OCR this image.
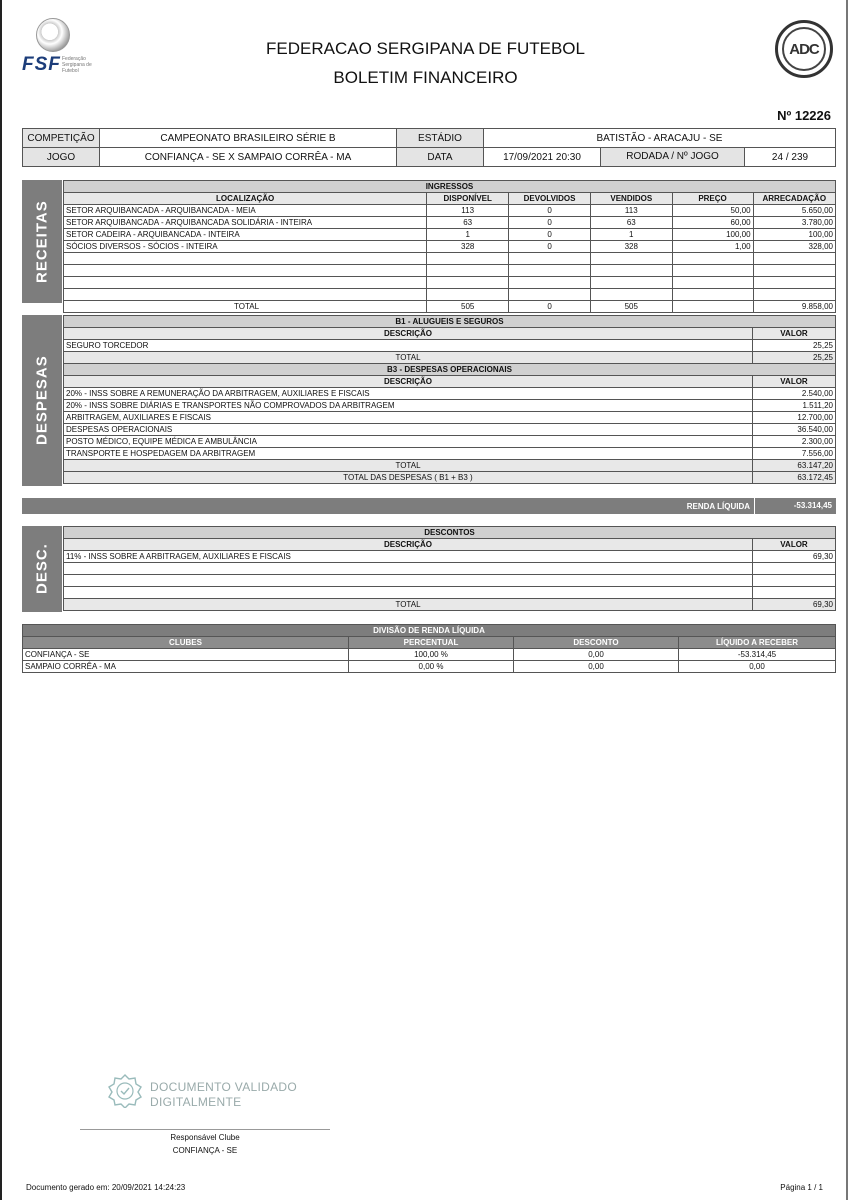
FSF Federação Sergipana de Futebol
FEDERACAO SERGIPANA DE FUTEBOL
BOLETIM FINANCEIRO
ADC
Nº 12226
COMPETIÇÃO	CAMPEONATO BRASILEIRO SÉRIE B	ESTÁDIO	BATISTÃO - ARACAJU - SE	
JOGO	CONFIANÇA - SE X SAMPAIO CORRÊA - MA	DATA	17/09/2021 20:30	RODADA / Nº JOGO 24 / 239
RECEITAS
INGRESSOS					
LOCALIZAÇÃO	DISPONÍVEL	DEVOLVIDOS	VENDIDOS	PREÇO	ARRECADAÇÃO
SETOR ARQUIBANCADA - ARQUIBANCADA - MEIA	113	0	113	50,00	5.650,00
SETOR ARQUIBANCADA - ARQUIBANCADA SOLIDÁRIA - INTEIRA	63	0	63	60,00	3.780,00
SETOR CADEIRA - ARQUIBANCADA - INTEIRA	1	0	1	100,00	100,00
SÓCIOS DIVERSOS - SÓCIOS - INTEIRA	328	0	328	1,00	328,00

TOTAL	505	0	505		9.858,00
DESPESAS
B1 - ALUGUEIS E SEGUROS	
DESCRIÇÃO	VALOR
SEGURO TORCEDOR	25,25
TOTAL	25,25
B3 - DESPESAS OPERACIONAIS	
DESCRIÇÃO	VALOR
20% - INSS SOBRE A REMUNERAÇÃO DA ARBITRAGEM, AUXILIARES E FISCAIS	2.540,00
20% - INSS SOBRE DIÁRIAS E TRANSPORTES NÃO COMPROVADOS DA ARBITRAGEM	1.511,20
ARBITRAGEM, AUXILIARES E FISCAIS	12.700,00
DESPESAS OPERACIONAIS	36.540,00
POSTO MÉDICO, EQUIPE MÉDICA E AMBULÂNCIA	2.300,00
TRANSPORTE E HOSPEDAGEM DA ARBITRAGEM	7.556,00
TOTAL	63.147,20
TOTAL DAS DESPESAS ( B1 + B3 )	63.172,45
RENDA LÍQUIDA	-53.314,45
DESC.
DESCONTOS	
DESCRIÇÃO	VALOR
11% - INSS SOBRE A ARBITRAGEM, AUXILIARES E FISCAIS	69,30

TOTAL	69,30
DIVISÃO DE RENDA LÍQUIDA			
CLUBES	PERCENTUAL	DESCONTO	LÍQUIDO A RECEBER
CONFIANÇA - SE	100,00 %	0,00	-53.314,45
SAMPAIO CORRÊA - MA	0,00 %	0,00	0,00
DOCUMENTO VALIDADO
DIGITALMENTE
Responsável Clube
CONFIANÇA - SE
Documento gerado em: 20/09/2021 14:24:23	Página 1 / 1
